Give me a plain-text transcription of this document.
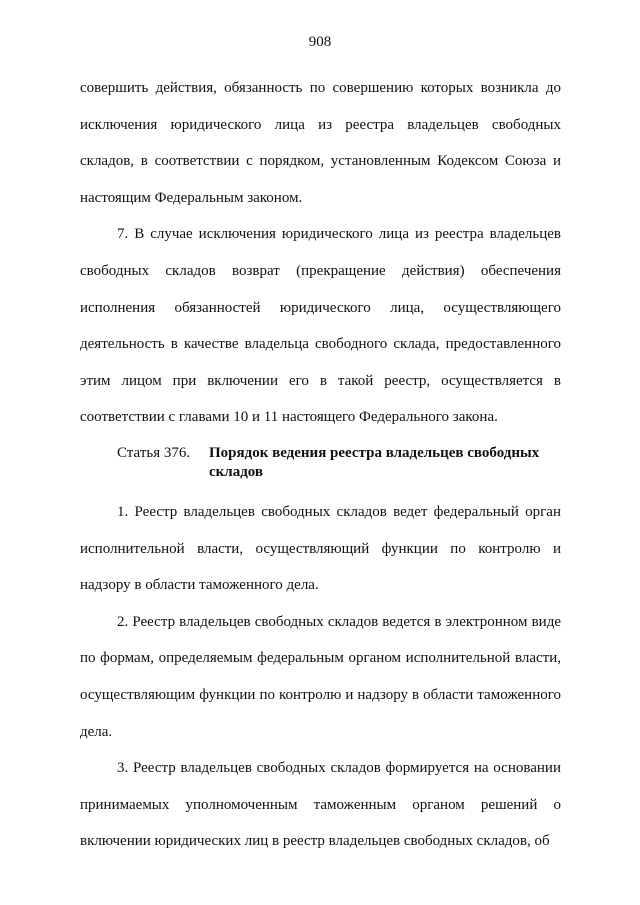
908

совершить действия, обязанность по совершению которых возникла до исключения юридического лица из реестра владельцев свободных складов, в соответствии с порядком, установленным Кодексом Союза и настоящим Федеральным законом.

7. В случае исключения юридического лица из реестра владельцев свободных складов возврат (прекращение действия) обеспечения исполнения обязанностей юридического лица, осуществляющего деятельность в качестве владельца свободного склада, предоставленного этим лицом при включении его в такой реестр, осуществляется в соответствии с главами 10 и 11 настоящего Федерального закона.

Статья 376.	Порядок ведения реестра владельцев свободных складов

1. Реестр владельцев свободных складов ведет федеральный орган исполнительной власти, осуществляющий функции по контролю и надзору в области таможенного дела.

2. Реестр владельцев свободных складов ведется в электронном виде по формам, определяемым федеральным органом исполнительной власти, осуществляющим функции по контролю и надзору в области таможенного дела.

3. Реестр владельцев свободных складов формируется на основании принимаемых уполномоченным таможенным органом решений о включении юридических лиц в реестр владельцев свободных складов, об
